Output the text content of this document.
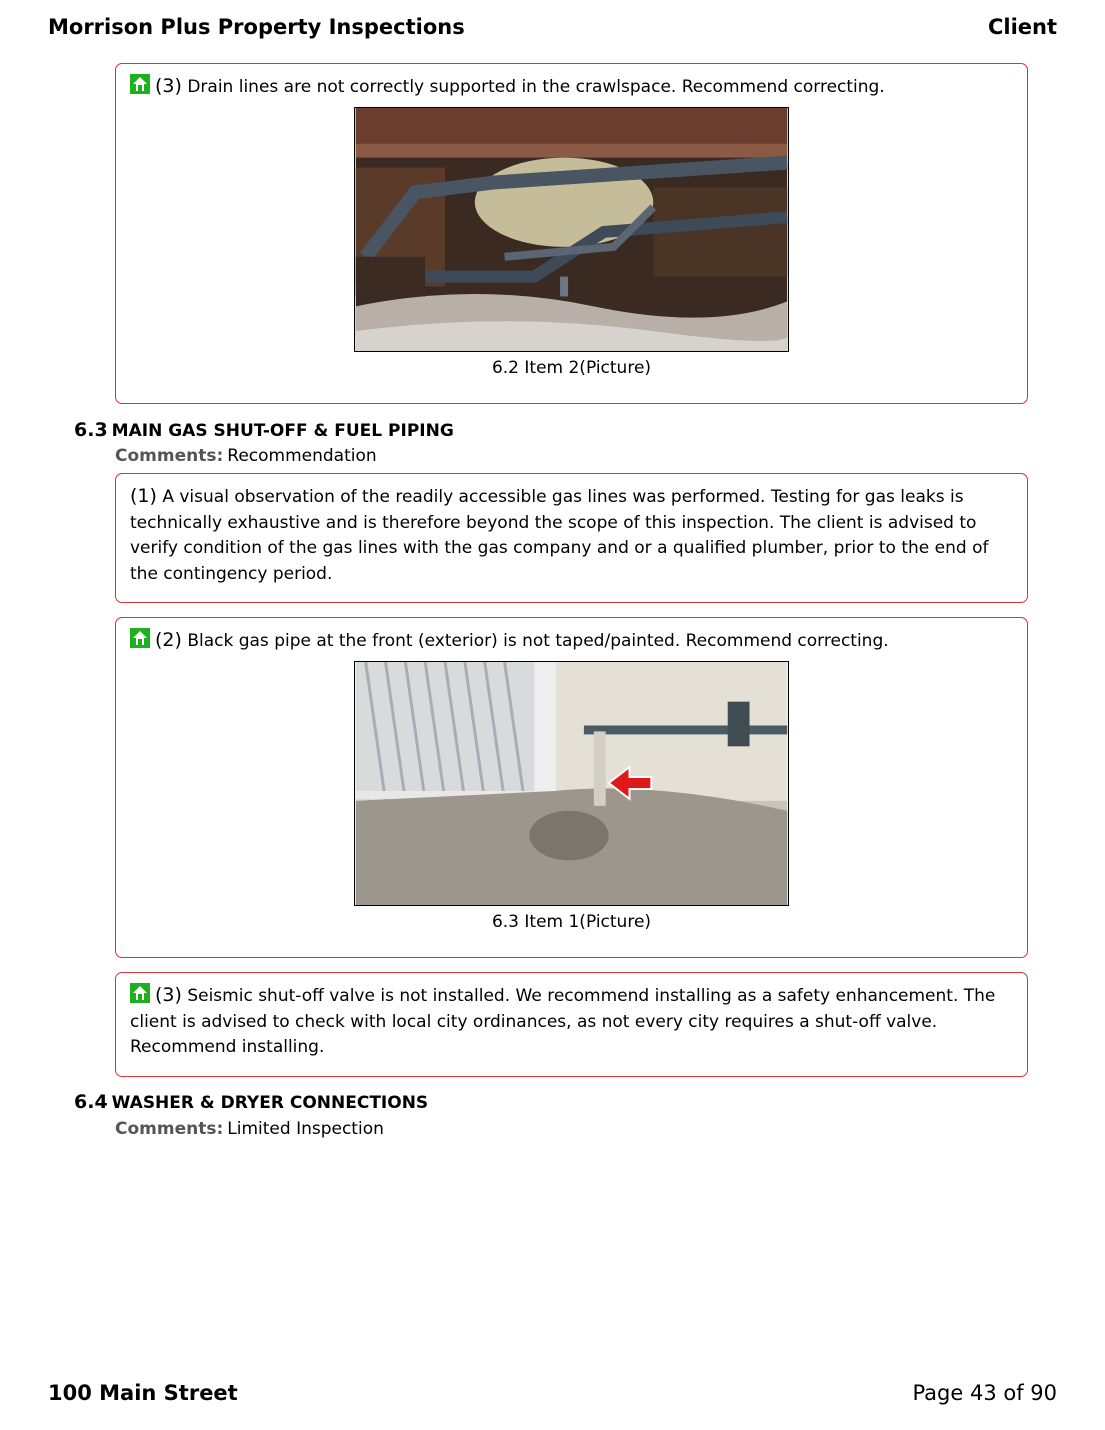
Morrison Plus Property Inspections	Client
(3) Drain lines are not correctly supported in the crawlspace. Recommend correcting.
6.2 Item 2(Picture)
6.3 MAIN GAS SHUT-OFF & FUEL PIPING
Comments: Recommendation
(1) A visual observation of the readily accessible gas lines was performed. Testing for gas leaks is technically exhaustive and is therefore beyond the scope of this inspection. The client is advised to verify condition of the gas lines with the gas company and or a qualified plumber, prior to the end of the contingency period.
(2) Black gas pipe at the front (exterior) is not taped/painted. Recommend correcting.
6.3 Item 1(Picture)
(3) Seismic shut-off valve is not installed. We recommend installing as a safety enhancement. The client is advised to check with local city ordinances, as not every city requires a shut-off valve. Recommend installing.
6.4 WASHER & DRYER CONNECTIONS
Comments: Limited Inspection
100 Main Street	Page 43 of 90
